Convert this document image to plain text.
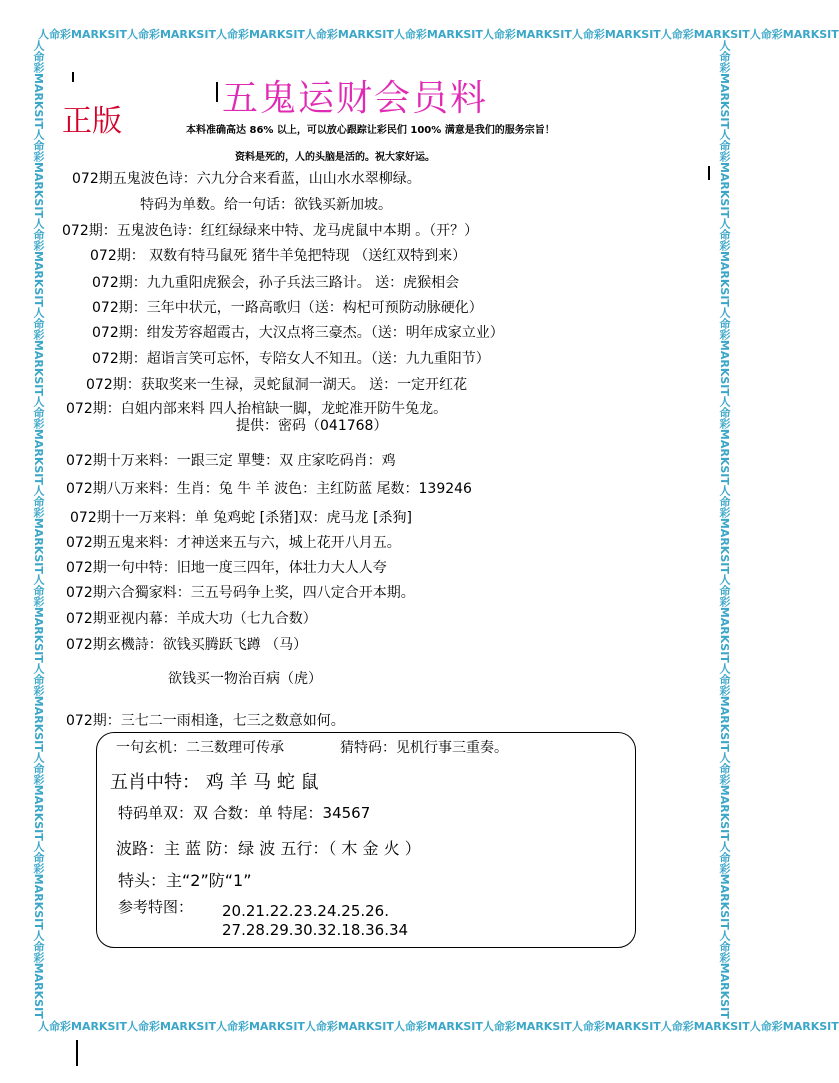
人命彩MARKSIT人命彩MARKSIT人命彩MARKSIT人命彩MARKSIT人命彩MARKSIT人命彩MARKSIT人命彩MARKSIT人命彩MARKSIT人命彩MARKSIT
人命彩MARKSIT人命彩MARKSIT人命彩MARKSIT人命彩MARKSIT人命彩MARKSIT人命彩MARKSIT人命彩MARKSIT人命彩MARKSIT人命彩MARKSIT
人命彩MARKSIT人命彩MARKSIT人命彩MARKSIT人命彩MARKSIT人命彩MARKSIT人命彩MARKSIT人命彩MARKSIT人命彩MARKSIT人命彩MARKSIT人命彩MARKSIT人命彩MARKSIT	人命彩MARKSIT人命彩MARKSIT人命彩MARKSIT人命彩MARKSIT人命彩MARKSIT人命彩MARKSIT人命彩MARKSIT人命彩MARKSIT人命彩MARKSIT人命彩MARKSIT人命彩MARKSIT
五鬼运财会员料
正版	本料准确高达 86% 以上，可以放心跟踪让彩民们 100% 满意是我们的服务宗旨！
资料是死的，人的头脑是活的。祝大家好运。
072期五鬼波色诗：六九分合来看蓝，山山水水翠柳绿。
特码为单数。给一句话：欲钱买新加坡。
072期：五鬼波色诗：红红绿绿来中特、龙马虎鼠中本期 。（开？）
072期： 双数有特马鼠死 猪牛羊兔把特现 （送红双特到来）
072期：九九重阳虎猴会，孙子兵法三路计。 送：虎猴相会
072期：三年中状元，一路高歌归（送：构杞可预防动脉硬化）
072期：绀发芳容超霞古，大汉点将三豪杰。（送：明年成家立业）
072期：超诣言笑可忘怀，专陪女人不知丑。（送：九九重阳节）
072期：获取奖来一生禄，灵蛇鼠洞一湖天。 送：一定开红花
072期：白姐内部来料 四人抬棺缺一脚，龙蛇准开防牛兔龙。
提供：密码（041768）
072期十万来料：一跟三定 單雙：双 庄家吃码肖：鸡
072期八万来料：生肖：兔 牛 羊 波色：主红防蓝 尾数：139246
072期十一万来料：单 兔鸡蛇 [杀猪]双：虎马龙 [杀狗]
072期五鬼来料：才神送来五与六，城上花开八月五。
072期一句中特：旧地一度三四年，体壮力大人人夸
072期六合獨家料：三五号码争上奖，四八定合开本期。
072期亚视内幕：羊成大功（七九合数）
072期玄機詩：欲钱买腾跃飞蹲 （马）
欲钱买一物治百病（虎）
072期：三七二一雨相逢，七三之数意如何。
一句玄机：二三数理可传承	猜特码：见机行事三重奏。
五肖中特： 鸡 羊 马 蛇 鼠
特码单双：双 合数：单 特尾：34567
波路：主 蓝 防：绿 波 五行：（ 木 金 火 ）
特头：主“2”防“1”
参考特图： 20.21.22.23.24.25.26.
27.28.29.30.32.18.36.34
